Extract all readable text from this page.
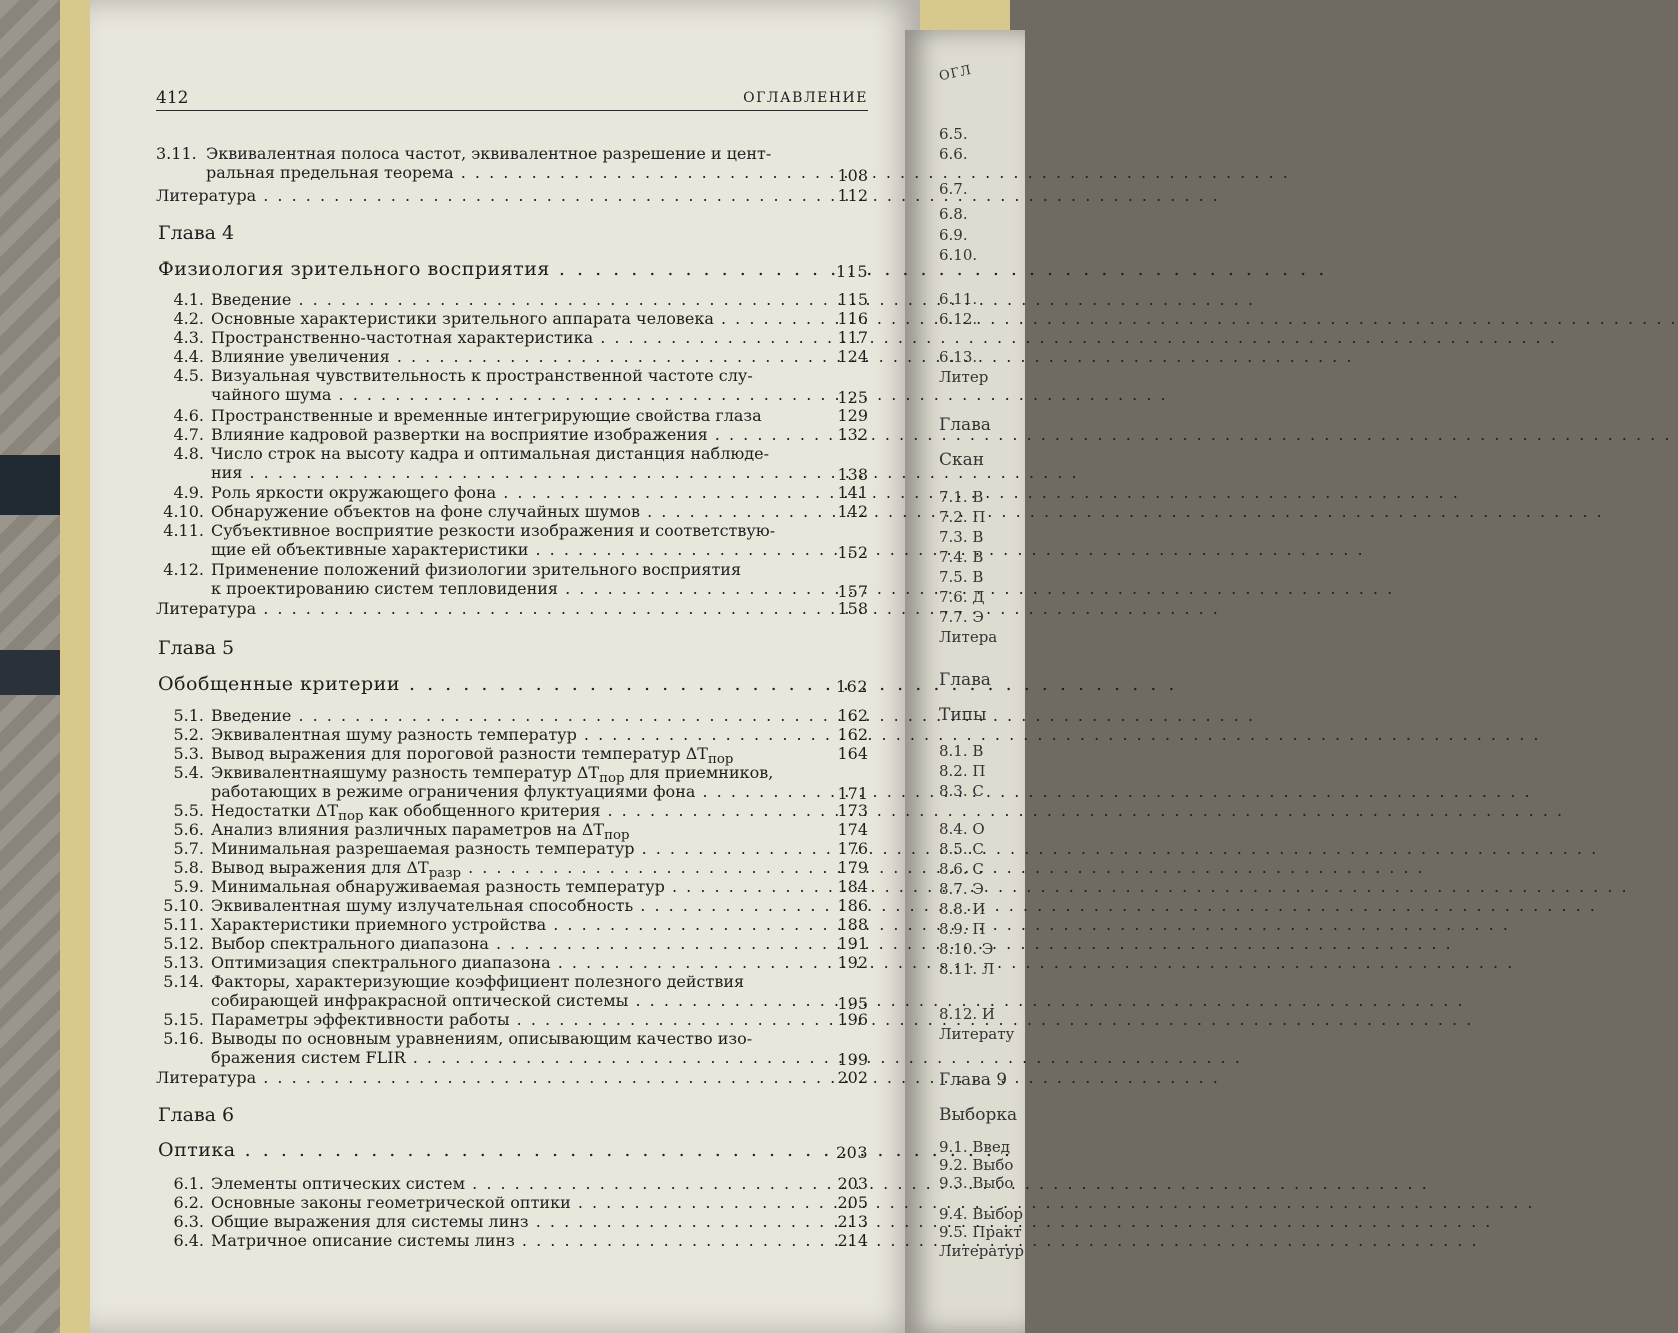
ОГЛ
6.5.
6.6.
6.7.
6.8.
6.9.
6.10.
6.11.
6.12.
6.13.
Литер
Глава
Скан
7.1. В
7.2. П
7.3. В
7.4. В
7.5. В
7.6. Д
7.7. Э
Литера
Глава
Типы
8.1. В
8.2. П
8.3. С
8.4. О
8.5. С
8.6. С
8.7. Э
8.8. И
8.9. П
8.10. Э
8.11. Л
8.12. И
Литерату
Глава 9
Выборка
9.1. Введ
9.2. Выбо
9.3. Выбо
9.4. Выбор
9.5. Практ
Литератур
412	ОГЛАВЛЕНИЕ
3.11. Эквивалентная полоса частот, эквивалентное разрешение и цент-
ральная предельная теорема . . .	108
Литература . . .	112
Глава 4
Физиология зрительного восприятия . . .	115
4.1. Введение . . .	115
4.2. Основные характеристики зрительного аппарата человека . . .	116
4.3. Пространственно-частотная характеристика . . .	117
4.4. Влияние увеличения . . .	124
4.5. Визуальная чувствительность к пространственной частоте слу-
чайного шума . . .	125
4.6. Пространственные и временные интегрирующие свойства глаза	129
4.7. Влияние кадровой развертки на восприятие изображения . . .	132
4.8. Число строк на высоту кадра и оптимальная дистанция наблюде-
ния . . .	138
4.9. Роль яркости окружающего фона . . .	141
4.10. Обнаружение объектов на фоне случайных шумов . . .	142
4.11. Субъективное восприятие резкости изображения и соответствую-
щие ей объективные характеристики . . .	152
4.12. Применение положений физиологии зрительного восприятия
к проектированию систем тепловидения . . .	157
Литература . . .	158
Глава 5
Обобщенные критерии . . .	162
5.1. Введение . . .	162
5.2. Эквивалентная шуму разность температур . . .	162
5.3. Вывод выражения для пороговой разности температур $\Delta T_{пор}$	164
5.4. Эквивалентнаяшуму разность температур $\Delta T_{пор}$ для приемников,
работающих в режиме ограничения флуктуациями фона . . .	171
5.5. Недостатки $\Delta T_{пор}$ как обобщенного критерия . . .	173
5.6. Анализ влияния различных параметров на $\Delta T_{пор}$	174
5.7. Минимальная разрешаемая разность температур . . .	176
5.8. Вывод выражения для $\Delta T_{разр}$ . . .	179
5.9. Минимальная обнаруживаемая разность температур . . .	184
5.10. Эквивалентная шуму излучательная способность . . .	186
5.11. Характеристики приемного устройства . . .	188
5.12. Выбор спектрального диапазона . . .	191
5.13. Оптимизация спектрального диапазона . . .	192
5.14. Факторы, характеризующие коэффициент полезного действия
собирающей инфракрасной оптической системы . . .	195
5.15. Параметры эффективности работы . . .	196
5.16. Выводы по основным уравнениям, описывающим качество изо-
бражения систем FLIR . . .	199
Литература . . .	202
Глава 6
Оптика . . .	203
6.1. Элементы оптических систем . . .	203
6.2. Основные законы геометрической оптики . . .	205
6.3. Общие выражения для системы линз . . .	213
6.4. Матричное описание системы линз . . .	214
